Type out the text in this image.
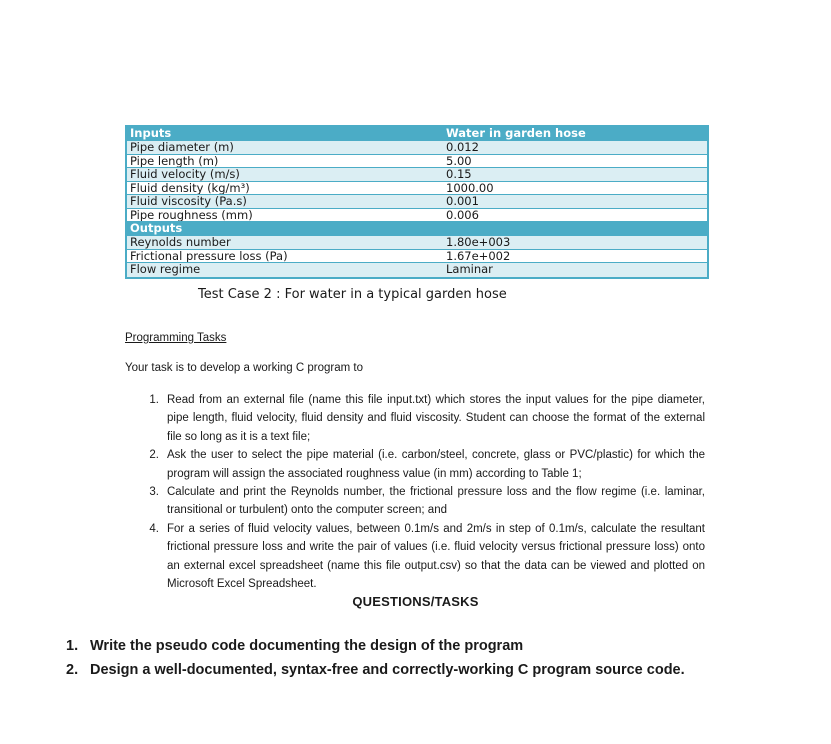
Inputs	Water in garden hose
Pipe diameter (m)	0.012
Pipe length (m)	5.00
Fluid velocity (m/s)	0.15
Fluid density (kg/m³)	1000.00
Fluid viscosity (Pa.s)	0.001
Pipe roughness (mm)	0.006
Outputs
Reynolds number	1.80e+003
Frictional pressure loss (Pa)	1.67e+002
Flow regime	Laminar
Test Case 2 : For water in a typical garden hose
Programming Tasks
Your task is to develop a working C program to
1. Read from an external file (name this file input.txt) which stores the input values for the pipe diameter, pipe length, fluid velocity, fluid density and fluid viscosity. Student can choose the format of the external file so long as it is a text file;
2. Ask the user to select the pipe material (i.e. carbon/steel, concrete, glass or PVC/plastic) for which the program will assign the associated roughness value (in mm) according to Table 1;
3. Calculate and print the Reynolds number, the frictional pressure loss and the flow regime (i.e. laminar, transitional or turbulent) onto the computer screen; and
4. For a series of fluid velocity values, between 0.1m/s and 2m/s in step of 0.1m/s, calculate the resultant frictional pressure loss and write the pair of values (i.e. fluid velocity versus frictional pressure loss) onto an external excel spreadsheet (name this file output.csv) so that the data can be viewed and plotted on Microsoft Excel Spreadsheet.
QUESTIONS/TASKS
1. Write the pseudo code documenting the design of the program
2. Design a well-documented, syntax-free and correctly-working C program source code.
